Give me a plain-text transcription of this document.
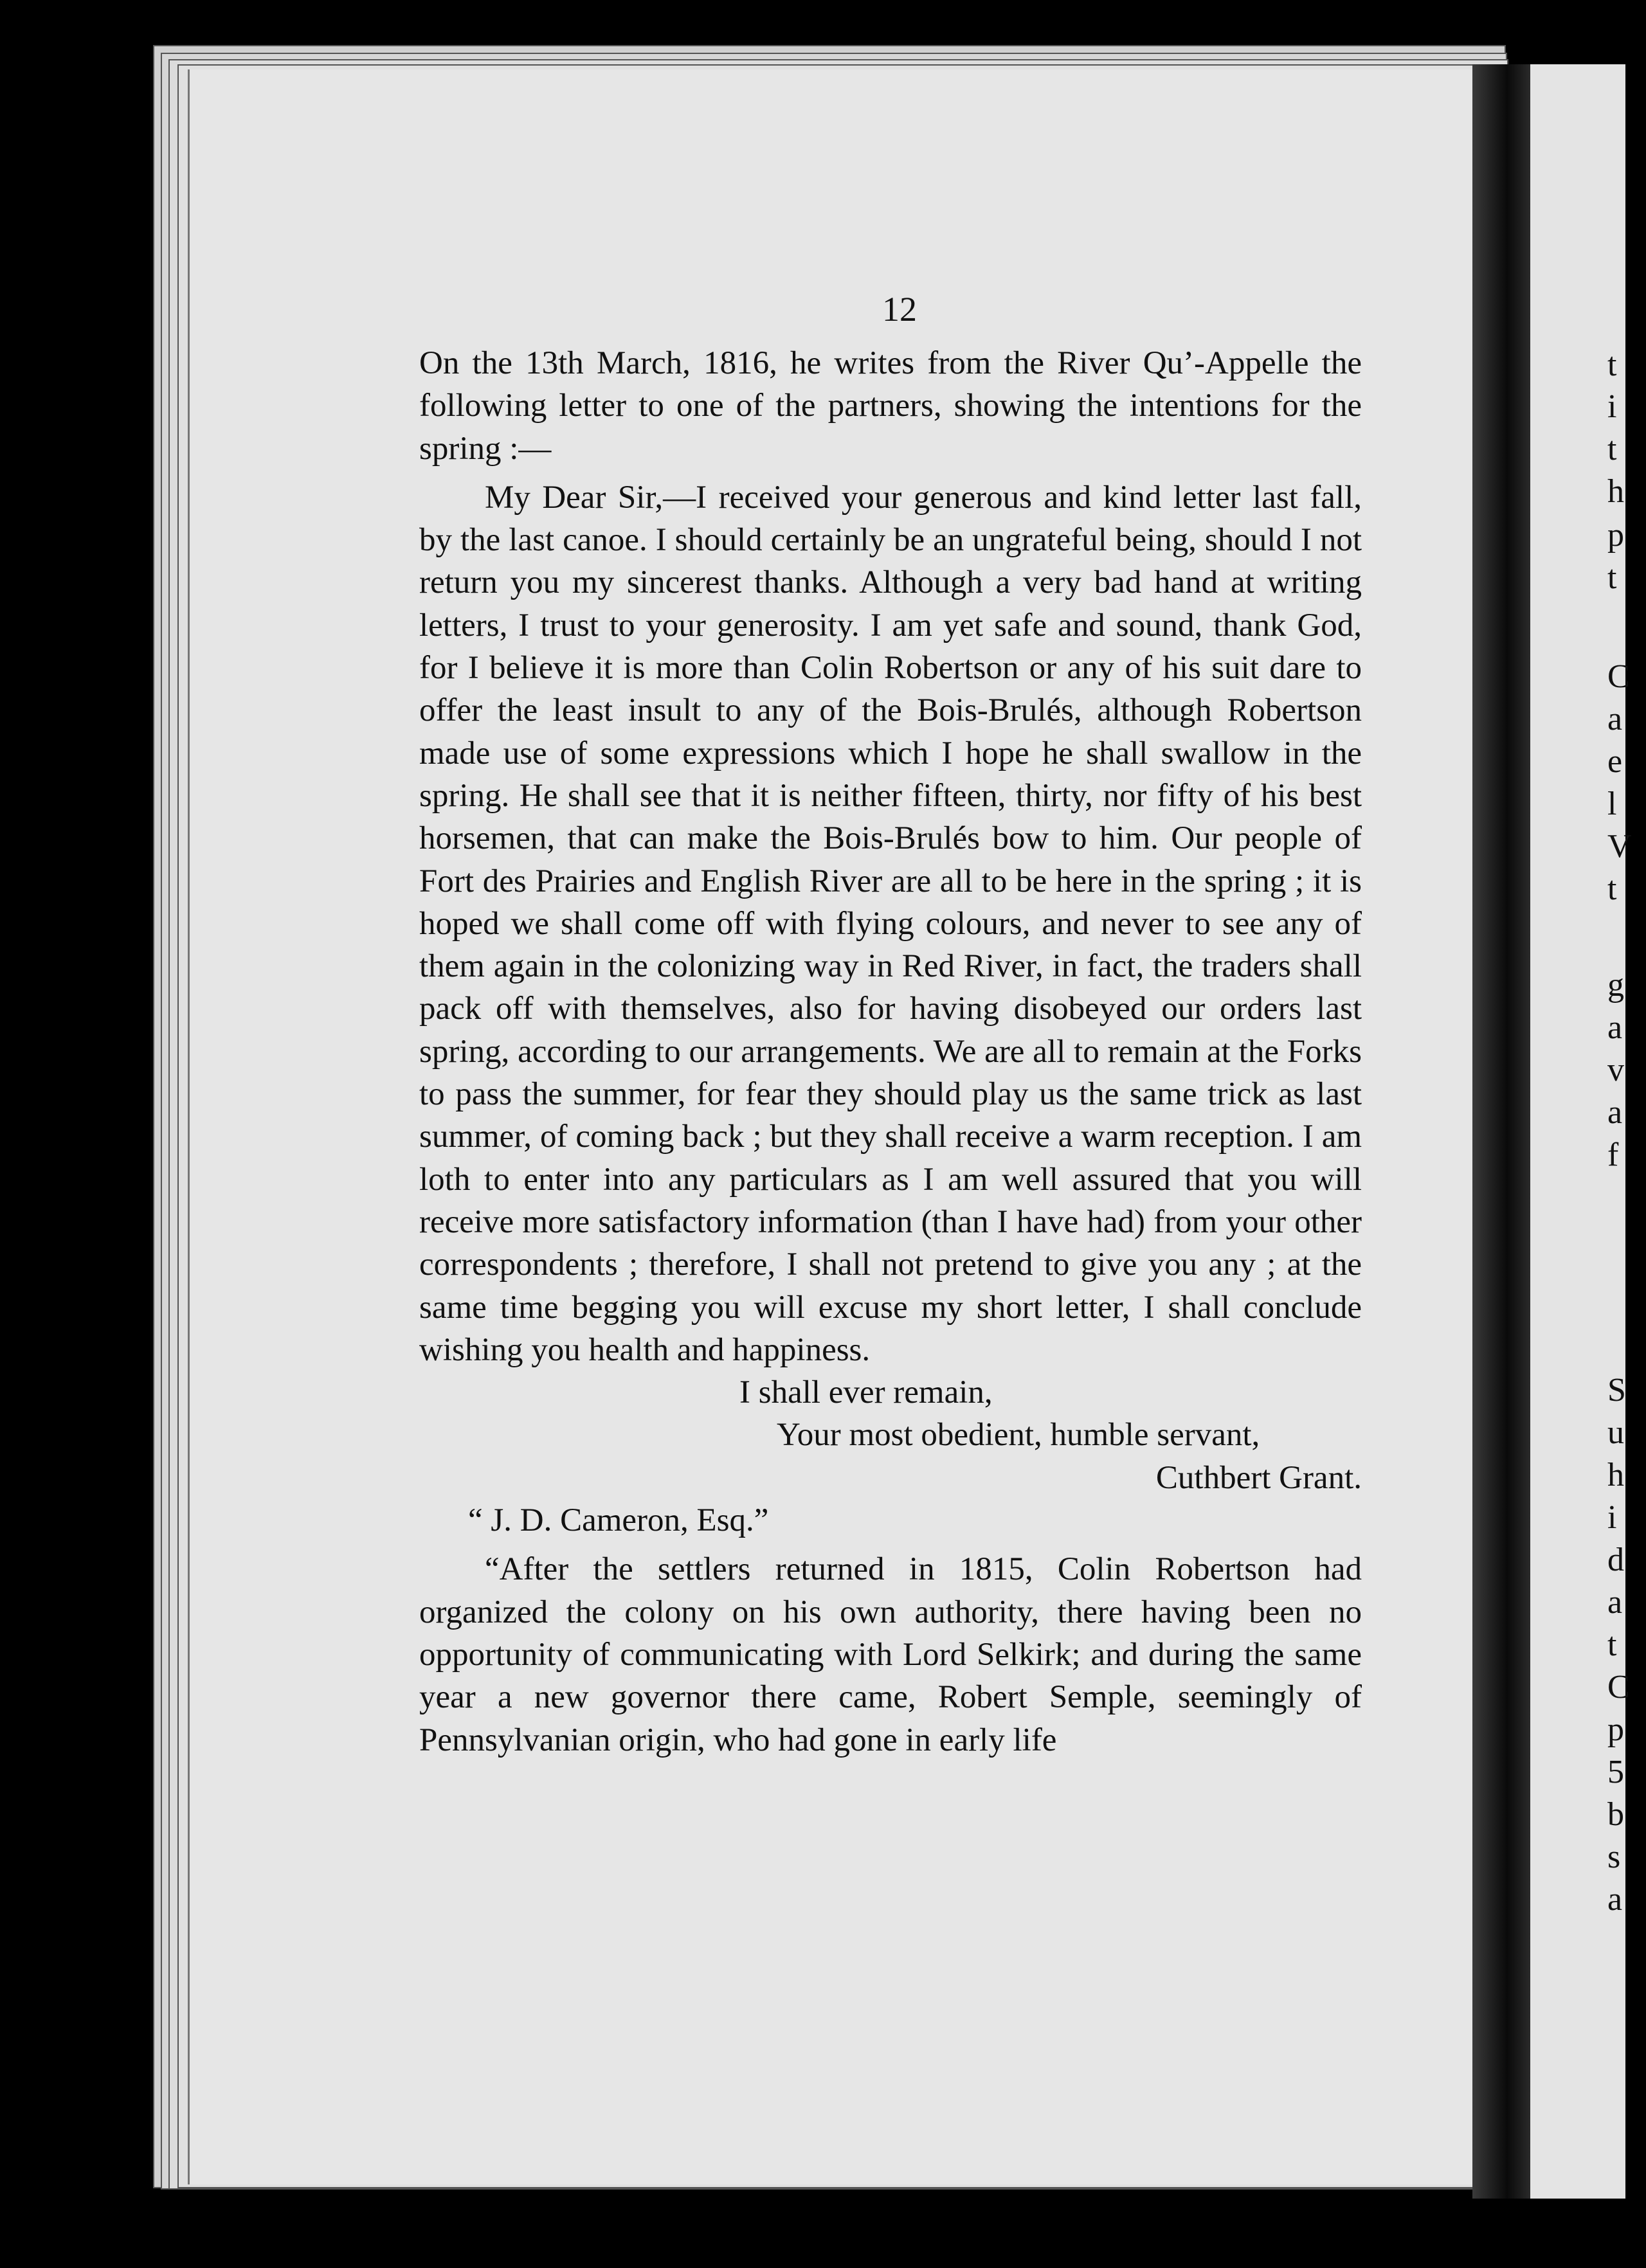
12

On the 13th March, 1816, he writes from the River Qu’-Appelle the following letter to one of the partners, showing the intentions for the spring :—

My Dear Sir,—I received your generous and kind letter last fall, by the last canoe. I should certainly be an ungrateful being, should I not return you my sincerest thanks. Although a very bad hand at writing letters, I trust to your generosity. I am yet safe and sound, thank God, for I believe it is more than Colin Robertson or any of his suit dare to offer the least insult to any of the Bois-Brulés, although Robertson made use of some expressions which I hope he shall swallow in the spring. He shall see that it is neither fifteen, thirty, nor fifty of his best horsemen, that can make the Bois-Brulés bow to him. Our people of Fort des Prairies and English River are all to be here in the spring ; it is hoped we shall come off with flying colours, and never to see any of them again in the colonizing way in Red River, in fact, the traders shall pack off with themselves, also for having disobeyed our orders last spring, according to our arrangements. We are all to remain at the Forks to pass the summer, for fear they should play us the same trick as last summer, of coming back ; but they shall receive a warm reception. I am loth to enter into any particulars as I am well assured that you will receive more satisfactory information (than I have had) from your other correspondents ; therefore, I shall not pretend to give you any ; at the same time begging you will excuse my short letter, I shall conclude wishing you health and happiness.

I shall ever remain,

Your most obedient, humble servant,

Cuthbert Grant.

“ J. D. Cameron, Esq.”

“After the settlers returned in 1815, Colin Robertson had organized the colony on his own authority, there having been no opportunity of communicating with Lord Selkirk; and during the same year a new governor there came, Robert Semple, seemingly of Pennsylvanian origin, who had gone in early life

t
i
t
h
p
t
C
a
e
l
V
t
g
a
v
a
f
S
u
h
i
d
a
t
C
p
5
b
s
a
